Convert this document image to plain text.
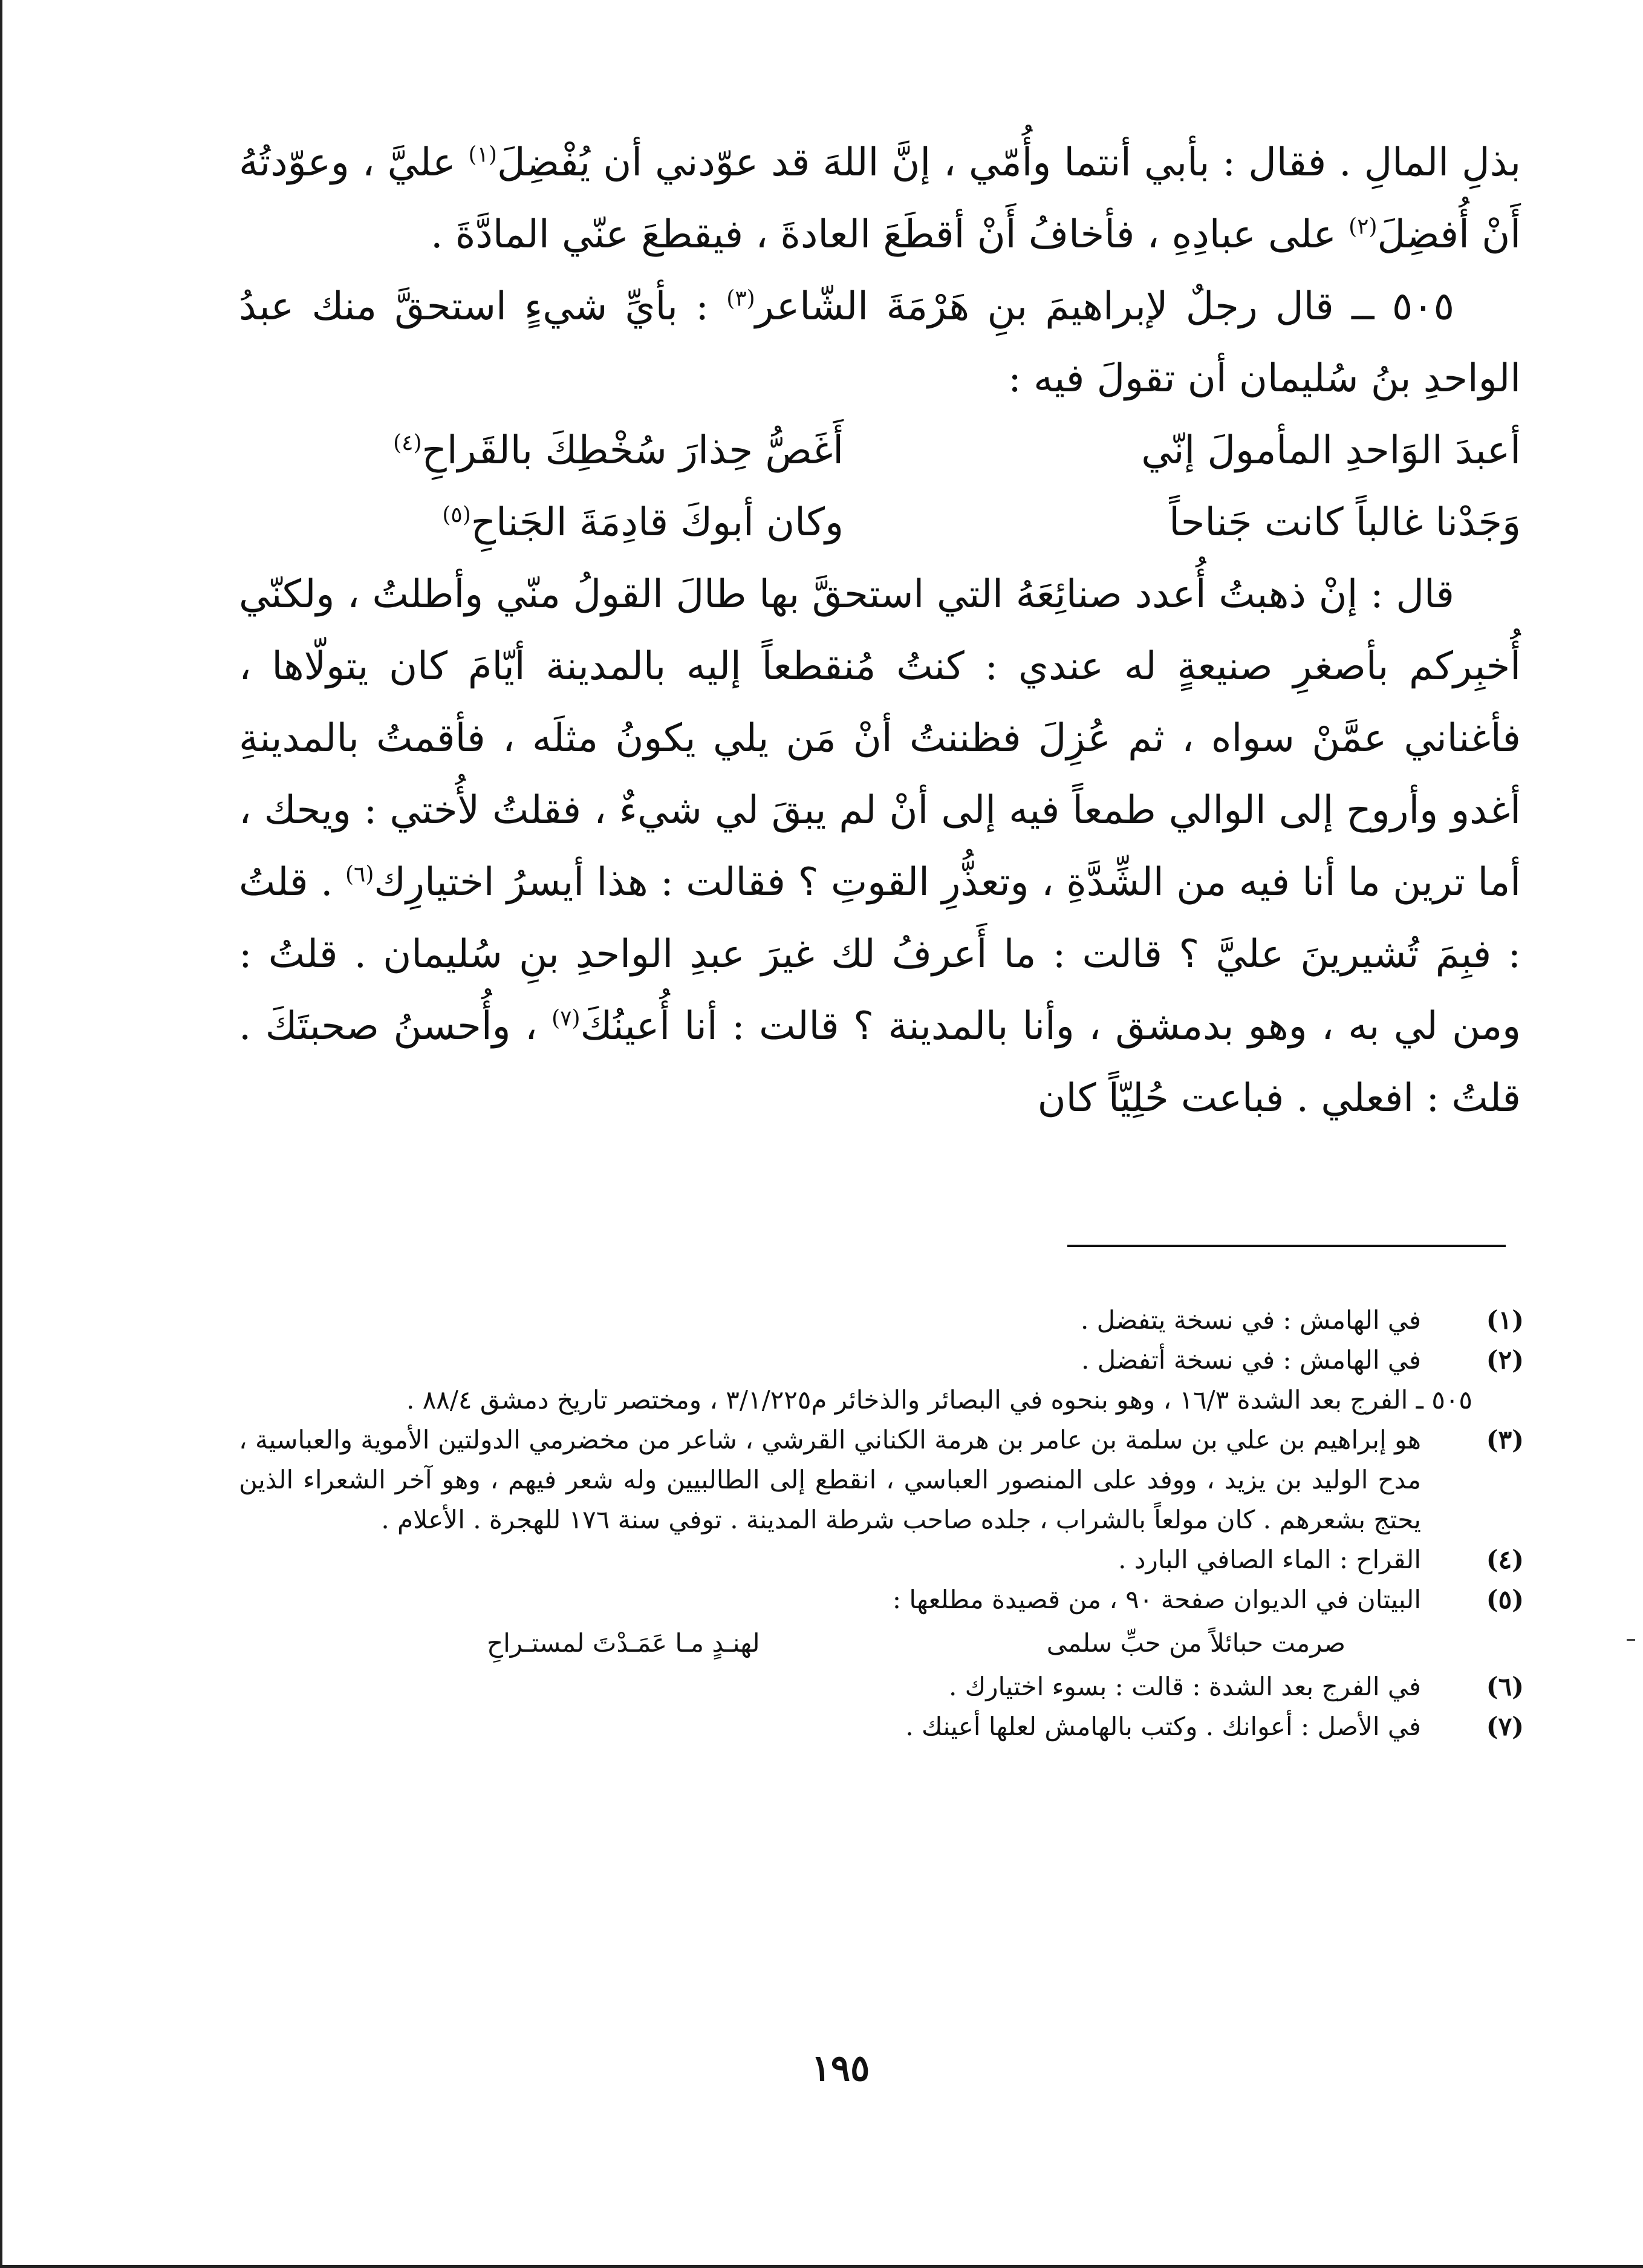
بذلِ المالِ . فقال : بأبي أنتما وأُمّي ، إنَّ اللهَ قد عوّدني أن يُفْضِلَ$^{(١)}$ عليَّ ، وعوّدتُهُ أَنْ أُفضِلَ$^{(٢)}$ على عبادِهِ ، فأخافُ أَنْ أقطَعَ العادةَ ، فيقطعَ عنّي المادَّةَ .

٥٠٥ ــ قال رجلٌ لإبراهيمَ بنِ هَرْمَةَ الشّاعر$^{(٣)}$ : بأيِّ شيءٍ استحقَّ منك عبدُ الواحدِ بنُ سُليمان أن تقولَ فيه :

أعبدَ الوَاحدِ المأمولَ إنّي
أَغَصُّ حِذارَ سُخْطِكَ بالقَراحِ(٤)
وَجَدْنا غالباً كانت جَناحاً
وكان أبوكَ قادِمَةَ الجَناحِ(٥)

قال : إنْ ذهبتُ أُعدد صنائِعَهُ التي استحقَّ بها طالَ القولُ منّي وأطلتُ ، ولكنّي أُخبِركم بأصغرِ صنيعةٍ له عندي : كنتُ مُنقطعاً إليه بالمدينة أيّامَ كان يتولّاها ، فأغناني عمَّنْ سواه ، ثم عُزِلَ فظننتُ أنْ مَن يلي يكونُ مثلَه ، فأقمتُ بالمدينةِ أغدو وأروح إلى الوالي طمعاً فيه إلى أنْ لم يبقَ لي شيءٌ ، فقلتُ لأُختي : ويحك ، أما ترين ما أنا فيه من الشِّدَّةِ ، وتعذُّرِ القوتِ ؟ فقالت : هذا أيسرُ اختيارِك$^{(٦)}$ . قلتُ : فبِمَ تُشيرينَ عليَّ ؟ قالت : ما أَعرفُ لك غيرَ عبدِ الواحدِ بنِ سُليمان . قلتُ : ومن لي به ، وهو بدمشق ، وأنا بالمدينة ؟ قالت : أنا أُعينُكَ$^{(٧)}$ ، وأُحسنُ صحبتَكَ . قلتُ : افعلي . فباعت حُلِيّاً كان

(١)في الهامش : في نسخة يتفضل .

(٢)في الهامش : في نسخة أتفضل .

٥٠٥ ـ الفرج بعد الشدة ١٦/٣ ، وهو بنحوه في البصائر والذخائر م٣/١/٢٢٥ ، ومختصر تاريخ دمشق ٨٨/٤ .

(٣)هو إبراهيم بن علي بن سلمة بن عامر بن هرمة الكناني القرشي ، شاعر من مخضرمي الدولتين الأموية والعباسية ، مدح الوليد بن يزيد ، ووفد على المنصور العباسي ، انقطع إلى الطالبيين وله شعر فيهم ، وهو آخر الشعراء الذين يحتج بشعرهم . كان مولعاً بالشراب ، جلده صاحب شرطة المدينة . توفي سنة ١٧٦ للهجرة . الأعلام .

(٤)القراح : الماء الصافي البارد .

(٥)البيتان في الديوان صفحة ٩٠ ، من قصيدة مطلعها :

صرمت حبائلاً من حبِّ سلمى
لهنـدٍ مـا عَمَـدْتَ لمستـراحِ

(٦)في الفرج بعد الشدة : قالت : بسوء اختيارك .

(٧)في الأصل : أعوانك . وكتب بالهامش لعلها أعينك .

١٩٥
